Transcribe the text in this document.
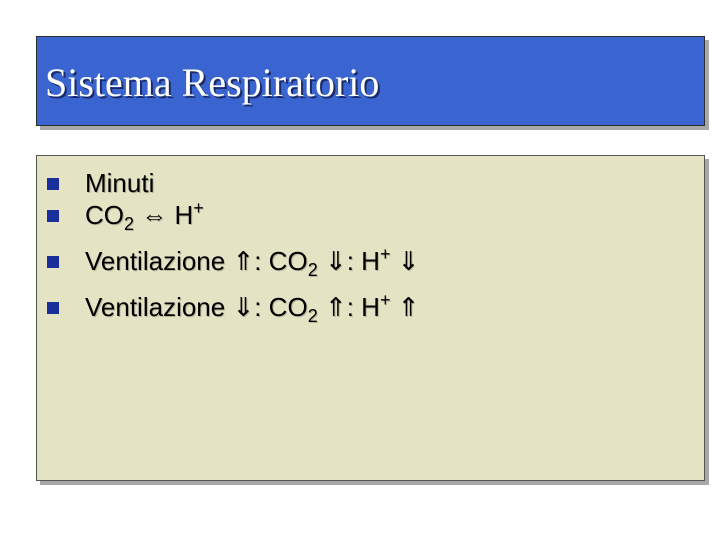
Sistema Respiratorio
Minuti
$CO_2$ ⇔ H+
Ventilazione ⇑: $CO_2$ ⇓: H+ ⇓
Ventilazione ⇓: $CO_2$ ⇑: H+ ⇑
